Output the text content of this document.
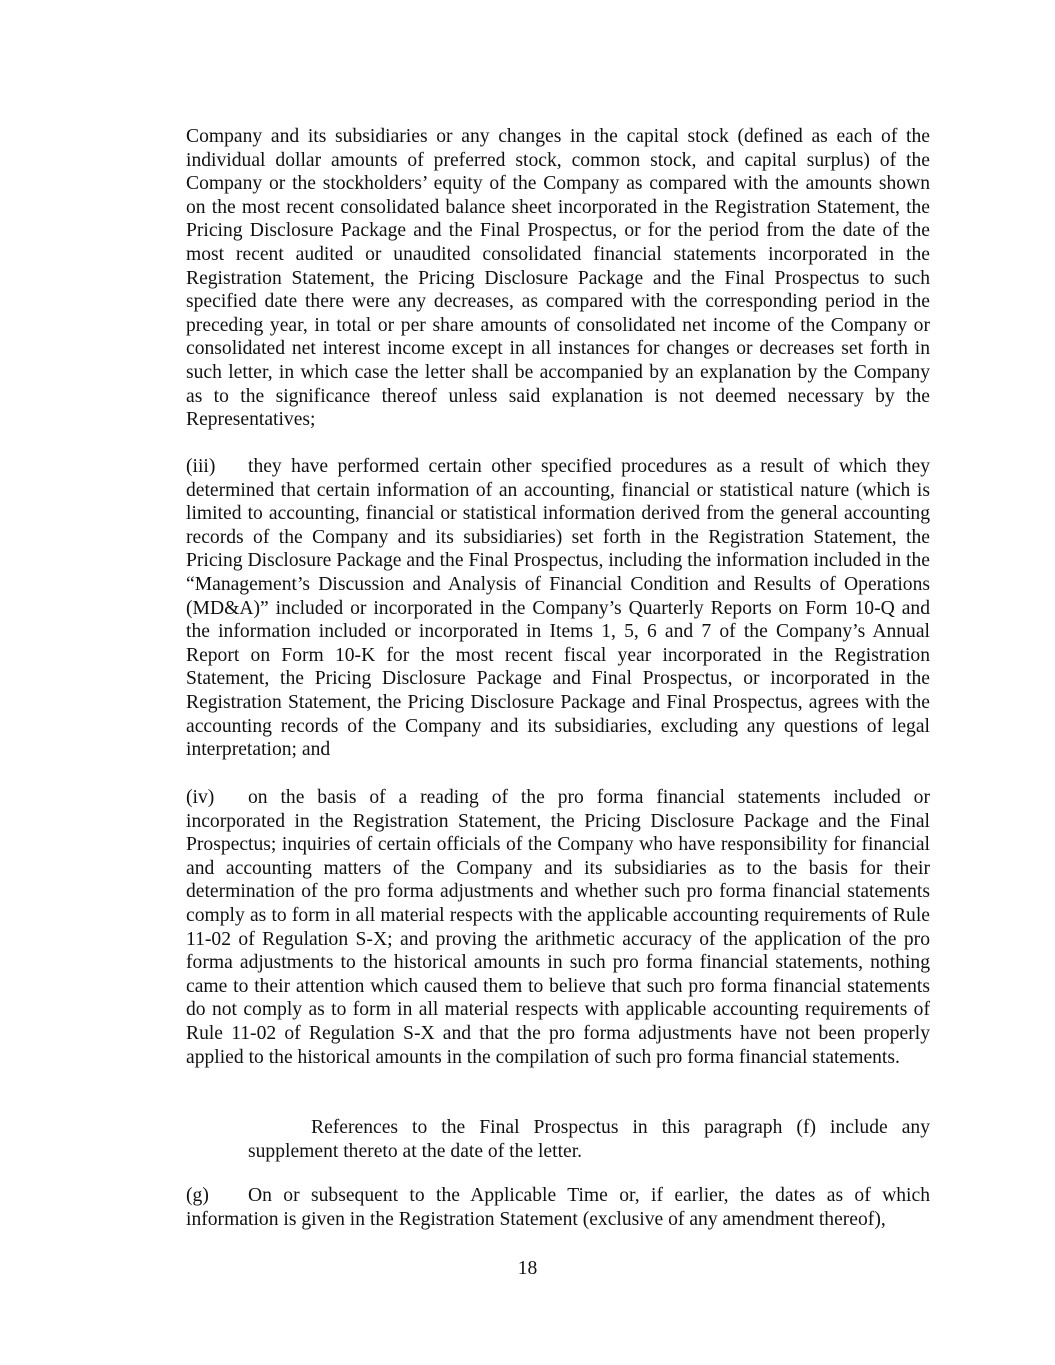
Company and its subsidiaries or any changes in the capital stock (defined as each of the individual dollar amounts of preferred stock, common stock, and capital surplus) of the Company or the stockholders’ equity of the Company as compared with the amounts shown on the most recent consolidated balance sheet incorporated in the Registration Statement, the Pricing Disclosure Package and the Final Prospectus, or for the period from the date of the most recent audited or unaudited consolidated financial statements incorporated in the Registration Statement, the Pricing Disclosure Package and the Final Prospectus to such specified date there were any decreases, as compared with the corresponding period in the preceding year, in total or per share amounts of consolidated net income of the Company or consolidated net interest income except in all instances for changes or decreases set forth in such letter, in which case the letter shall be accompanied by an explanation by the Company as to the significance thereof unless said explanation is not deemed necessary by the Representatives;

(iii) they have performed certain other specified procedures as a result of which they determined that certain information of an accounting, financial or statistical nature (which is limited to accounting, financial or statistical information derived from the general accounting records of the Company and its subsidiaries) set forth in the Registration Statement, the Pricing Disclosure Package and the Final Prospectus, including the information included in the “Management’s Discussion and Analysis of Financial Condition and Results of Operations (MD&A)” included or incorporated in the Company’s Quarterly Reports on Form 10-Q and the information included or incorporated in Items 1, 5, 6 and 7 of the Company’s Annual Report on Form 10-K for the most recent fiscal year incorporated in the Registration Statement, the Pricing Disclosure Package and Final Prospectus, or incorporated in the Registration Statement, the Pricing Disclosure Package and Final Prospectus, agrees with the accounting records of the Company and its subsidiaries, excluding any questions of legal interpretation; and

(iv) on the basis of a reading of the pro forma financial statements included or incorporated in the Registration Statement, the Pricing Disclosure Package and the Final Prospectus; inquiries of certain officials of the Company who have responsibility for financial and accounting matters of the Company and its subsidiaries as to the basis for their determination of the pro forma adjustments and whether such pro forma financial statements comply as to form in all material respects with the applicable accounting requirements of Rule 11-02 of Regulation S-X; and proving the arithmetic accuracy of the application of the pro forma adjustments to the historical amounts in such pro forma financial statements, nothing came to their attention which caused them to believe that such pro forma financial statements do not comply as to form in all material respects with applicable accounting requirements of Rule 11-02 of Regulation S-X and that the pro forma adjustments have not been properly applied to the historical amounts in the compilation of such pro forma financial statements.

References to the Final Prospectus in this paragraph (f) include any supplement thereto at the date of the letter.

(g) On or subsequent to the Applicable Time or, if earlier, the dates as of which information is given in the Registration Statement (exclusive of any amendment thereof),

18
